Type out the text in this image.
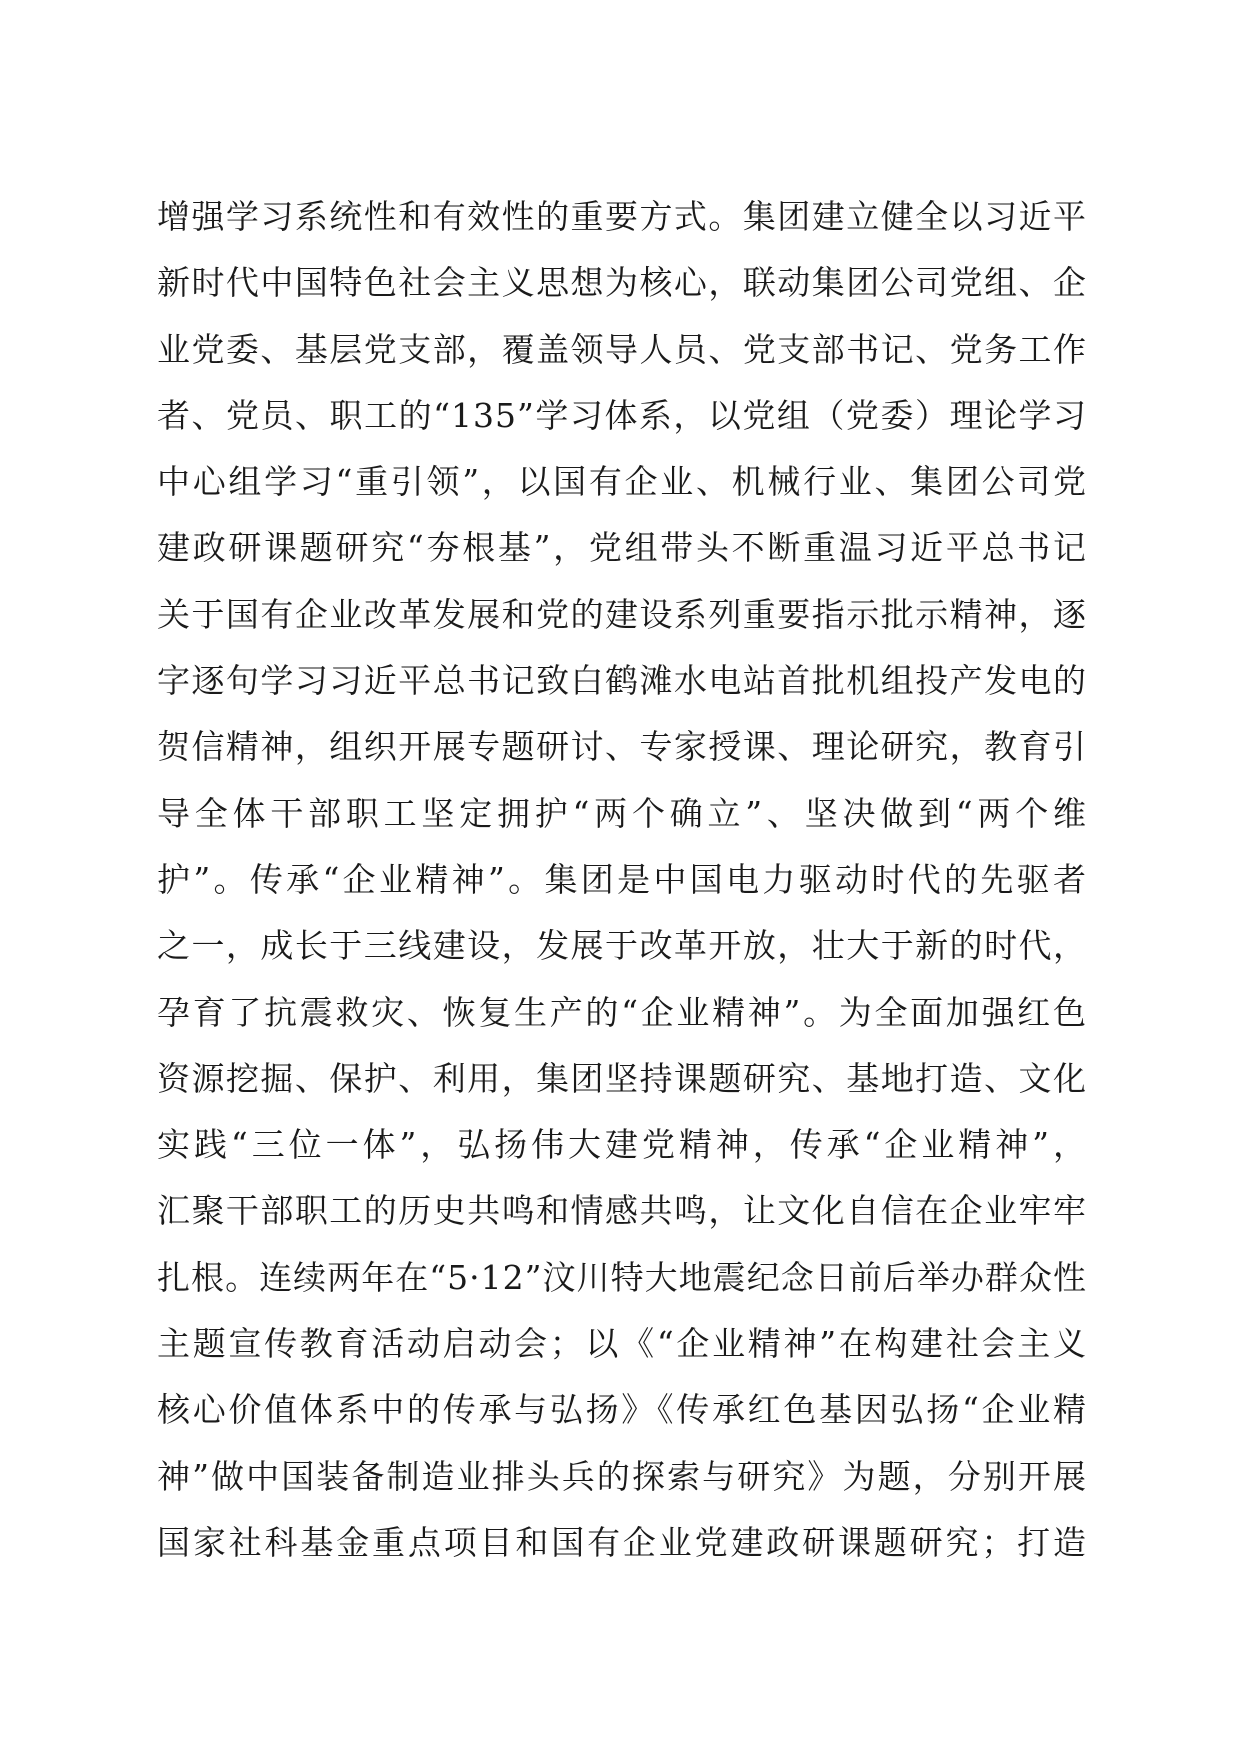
增强学习系统性和有效性的重要方式。集团建立健全以习近平
新时代中国特色社会主义思想为核心，联动集团公司党组、企
业党委、基层党支部，覆盖领导人员、党支部书记、党务工作
者、党员、职工的“135”学习体系，以党组（党委）理论学习
中心组学习“重引领”，以国有企业、机械行业、集团公司党
建政研课题研究“夯根基”，党组带头不断重温习近平总书记
关于国有企业改革发展和党的建设系列重要指示批示精神，逐
字逐句学习习近平总书记致白鹤滩水电站首批机组投产发电的
贺信精神，组织开展专题研讨、专家授课、理论研究，教育引
导全体干部职工坚定拥护“两个确立”、坚决做到“两个维
护”。传承“企业精神”。集团是中国电力驱动时代的先驱者
之一，成长于三线建设，发展于改革开放，壮大于新的时代，
孕育了抗震救灾、恢复生产的“企业精神”。为全面加强红色
资源挖掘、保护、利用，集团坚持课题研究、基地打造、文化
实践“三位一体”，弘扬伟大建党精神，传承“企业精神”，
汇聚干部职工的历史共鸣和情感共鸣，让文化自信在企业牢牢
扎根。连续两年在“5·12”汶川特大地震纪念日前后举办群众性
主题宣传教育活动启动会；以《“企业精神”在构建社会主义
核心价值体系中的传承与弘扬》《传承红色基因弘扬“企业精
神”做中国装备制造业排头兵的探索与研究》为题，分别开展
国家社科基金重点项目和国有企业党建政研课题研究；打造
